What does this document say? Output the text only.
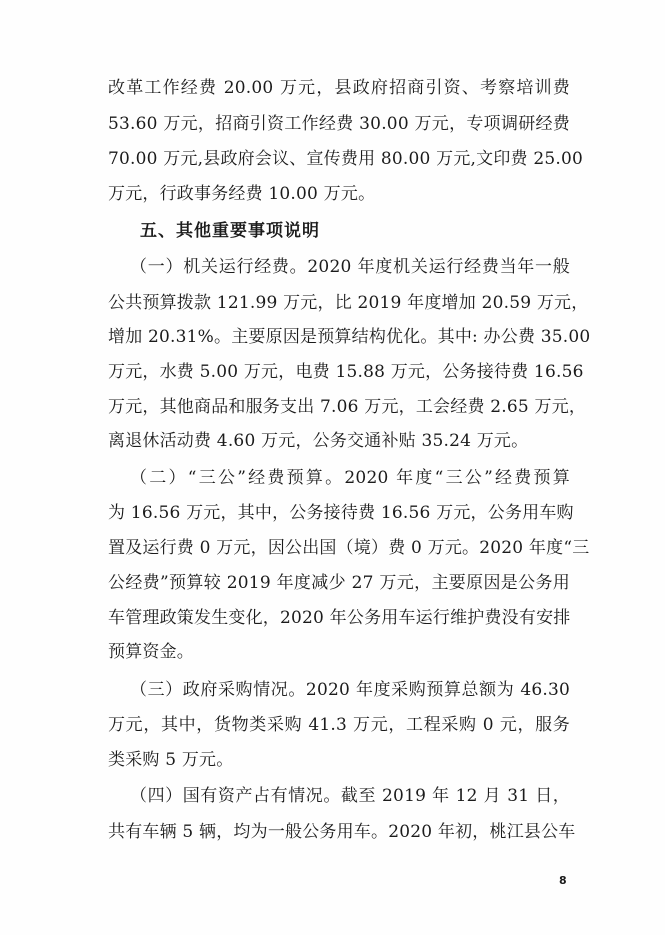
改革工作经费 20.00 万元，县政府招商引资、考察培训费
53.60 万元，招商引资工作经费 30.00 万元，专项调研经费
70.00 万元,县政府会议、宣传费用 80.00 万元,文印费 25.00
万元，行政事务经费 10.00 万元。
五、其他重要事项说明
（一）机关运行经费。2020 年度机关运行经费当年一般
公共预算拨款 121.99 万元，比 2019 年度增加 20.59 万元，
增加 20.31%。主要原因是预算结构优化。其中: 办公费 35.00
万元，水费 5.00 万元，电费 15.88 万元，公务接待费 16.56
万元，其他商品和服务支出 7.06 万元，工会经费 2.65 万元，
离退休活动费 4.60 万元，公务交通补贴 35.24 万元。
（二）“三公”经费预算。2020 年度“三公”经费预算
为 16.56 万元，其中，公务接待费 16.56 万元，公务用车购
置及运行费 0 万元，因公出国（境）费 0 万元。2020 年度“三
公经费”预算较 2019 年度减少 27 万元，主要原因是公务用
车管理政策发生变化，2020 年公务用车运行维护费没有安排
预算资金。
（三）政府采购情况。2020 年度采购预算总额为 46.30
万元，其中，货物类采购 41.3 万元，工程采购 0 元，服务
类采购 5 万元。
（四）国有资产占有情况。截至 2019 年 12 月 31 日，
共有车辆 5 辆，均为一般公务用车。2020 年初，桃江县公车
8
